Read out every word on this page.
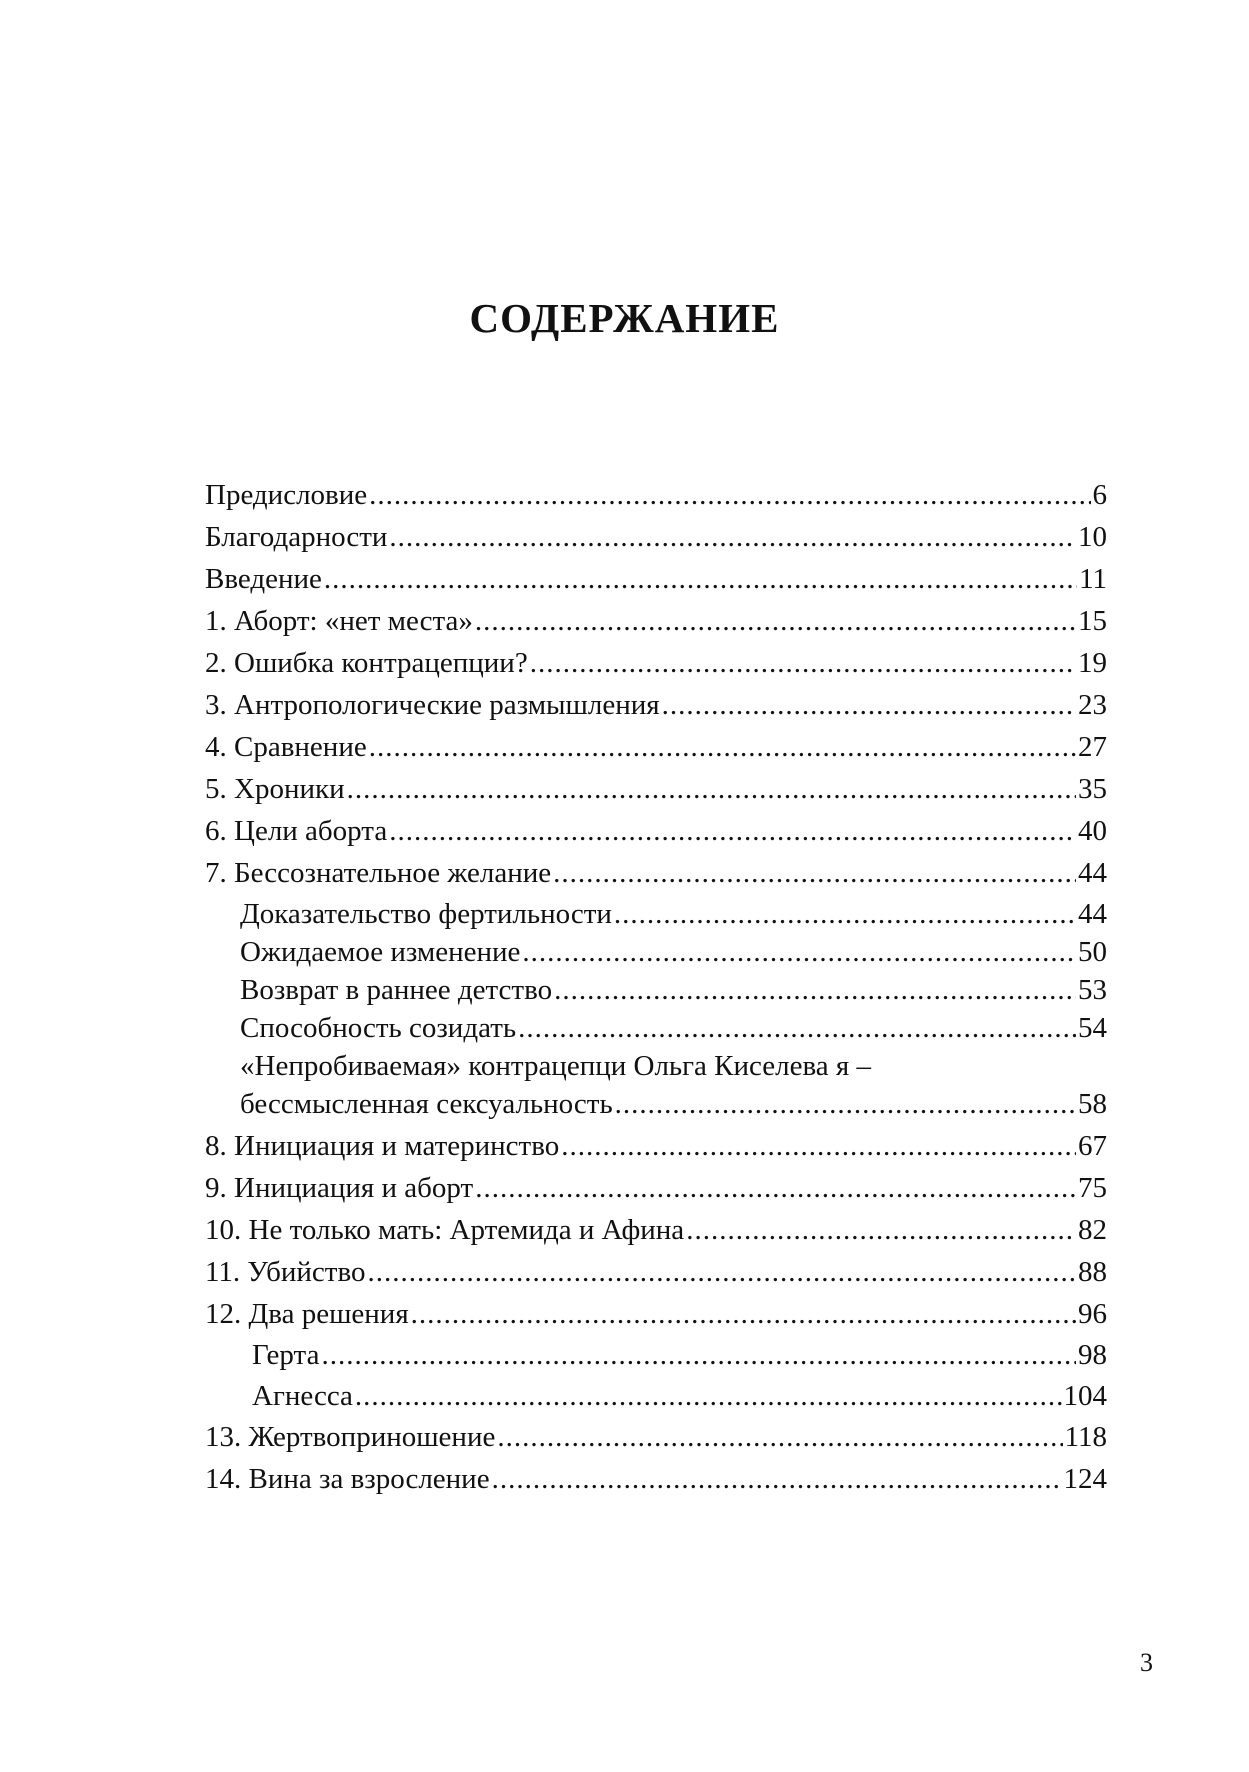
СОДЕРЖАНИЕ
Предисловие .....	6
Благодарности .....	10
Введение .....	11
1. Аборт: «нет места» .....	15
2. Ошибка контрацепции? .....	19
3. Антропологические размышления .....	23
4. Сравнение .....	27
5. Хроники .....	35
6. Цели аборта .....	40
7. Бессознательное желание .....	44
Доказательство фертильности .....	44
Ожидаемое изменение .....	50
Возврат в раннее детство .....	53
Способность созидать .....	54
«Непробиваемая» контрацепци Ольга Киселева я –
бессмысленная сексуальность .....	58
8. Инициация и материнство .....	67
9. Инициация и аборт .....	75
10. Не только мать: Артемида и Афина .....	82
11. Убийство .....	88
12. Два решения .....	96
Герта .....	98
Агнесса .....	104
13. Жертвоприношение .....	118
14. Вина за взросление .....	124
3
